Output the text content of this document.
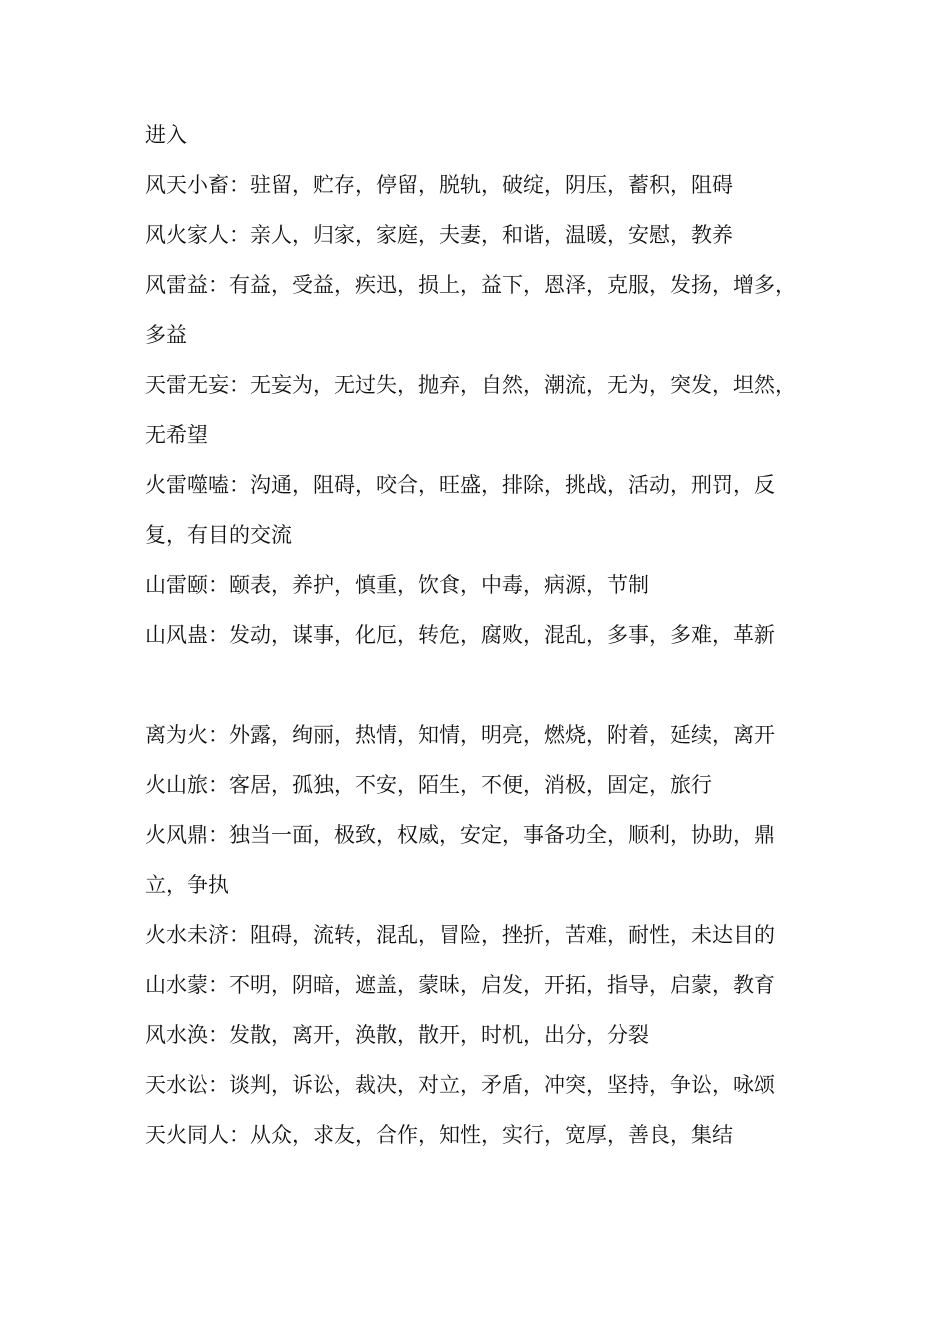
进入
风天小畜：驻留，贮存，停留，脱轨，破绽，阴压，蓄积，阻碍
风火家人：亲人，归家，家庭，夫妻，和谐，温暖，安慰，教养
风雷益：有益，受益，疾迅，损上，益下，恩泽，克服，发扬，增多，
多益
天雷无妄：无妄为，无过失，抛弃，自然，潮流，无为，突发，坦然，
无希望
火雷噬嗑：沟通，阻碍，咬合，旺盛，排除，挑战，活动，刑罚，反
复，有目的交流
山雷颐：颐表，养护，慎重，饮食，中毒，病源，节制
山风蛊：发动，谋事，化厄，转危，腐败，混乱，多事，多难，革新
离为火：外露，绚丽，热情，知情，明亮，燃烧，附着，延续，离开
火山旅：客居，孤独，不安，陌生，不便，消极，固定，旅行
火风鼎：独当一面，极致，权威，安定，事备功全，顺利，协助，鼎
立，争执
火水未济：阻碍，流转，混乱，冒险，挫折，苦难，耐性，未达目的
山水蒙：不明，阴暗，遮盖，蒙昧，启发，开拓，指导，启蒙，教育
风水涣：发散，离开，涣散，散开，时机，出分，分裂
天水讼：谈判，诉讼，裁决，对立，矛盾，冲突，坚持，争讼，咏颂
天火同人：从众，求友，合作，知性，实行，宽厚，善良，集结
